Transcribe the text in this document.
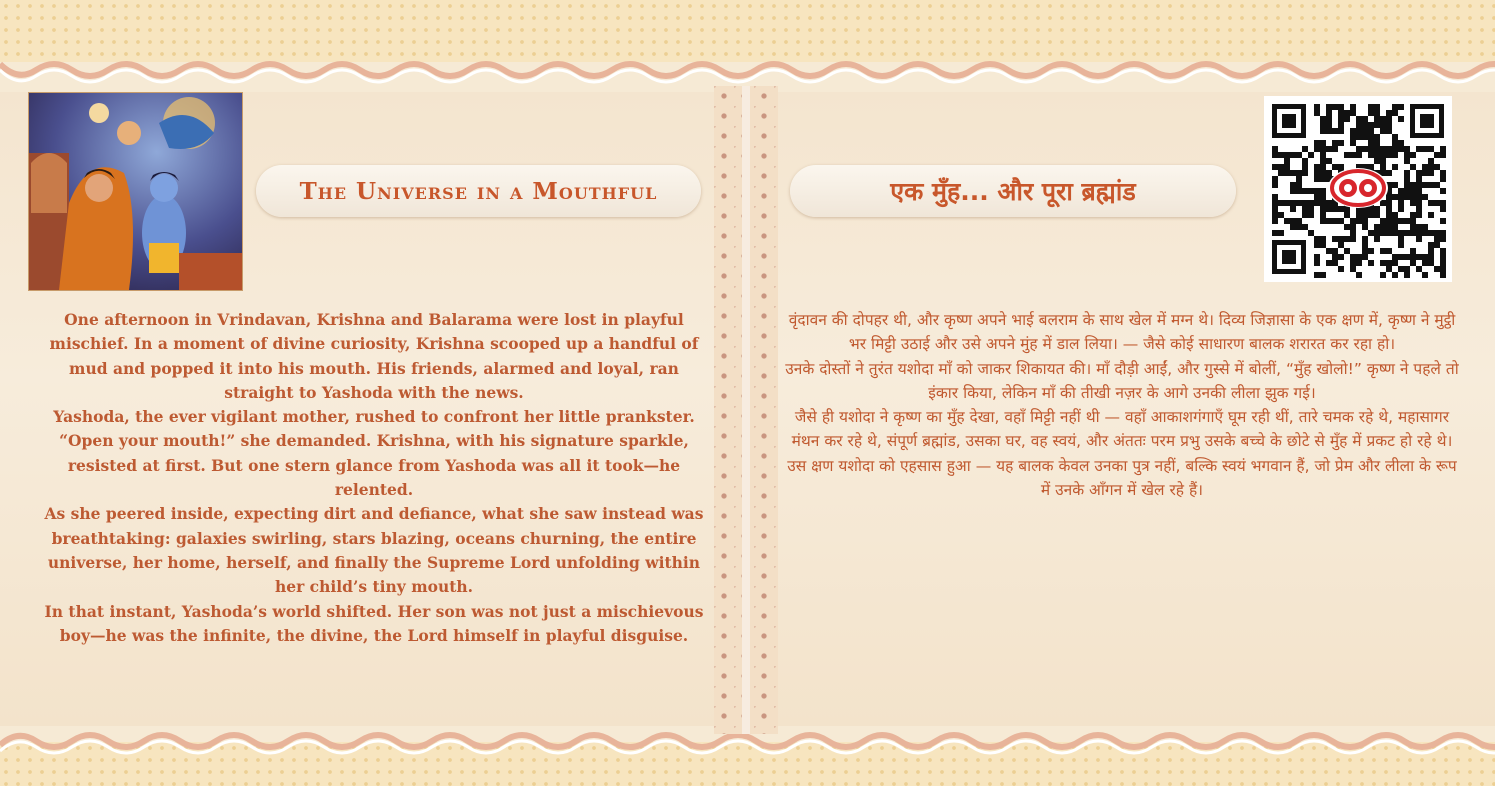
The Universe in a Mouthful	एक मुँह... और पूरा ब्रह्मांड
One afternoon in Vrindavan, Krishna and Balarama were lost in playful mischief. In a moment of divine curiosity, Krishna scooped up a handful of mud and popped it into his mouth. His friends, alarmed and loyal, ran straight to Yashoda with the news.
Yashoda, the ever vigilant mother, rushed to confront her little prankster. “Open your mouth!” she demanded. Krishna, with his signature sparkle, resisted at first. But one stern glance from Yashoda was all it took—he relented.
As she peered inside, expecting dirt and defiance, what she saw instead was breathtaking: galaxies swirling, stars blazing, oceans churning, the entire universe, her home, herself, and finally the Supreme Lord unfolding within her child’s tiny mouth.
In that instant, Yashoda’s world shifted. Her son was not just a mischievous boy—he was the infinite, the divine, the Lord himself in playful disguise.
वृंदावन की दोपहर थी, और कृष्ण अपने भाई बलराम के साथ खेल में मग्न थे। दिव्य जिज्ञासा के एक क्षण में, कृष्ण ने मुट्ठी भर मिट्टी उठाई और उसे अपने मुंह में डाल लिया। — जैसे कोई साधारण बालक शरारत कर रहा हो।
उनके दोस्तों ने तुरंत यशोदा माँ को जाकर शिकायत की। माँ दौड़ी आईं, और गुस्से में बोलीं, “मुँह खोलो!” कृष्ण ने पहले तो इंकार किया, लेकिन माँ की तीखी नज़र के आगे उनकी लीला झुक गई।
जैसे ही यशोदा ने कृष्ण का मुँह देखा, वहाँ मिट्टी नहीं थी — वहाँ आकाशगंगाएँ घूम रही थीं, तारे चमक रहे थे, महासागर मंथन कर रहे थे, संपूर्ण ब्रह्मांड, उसका घर, वह स्वयं, और अंततः परम प्रभु उसके बच्चे के छोटे से मुँह में प्रकट हो रहे थे।
उस क्षण यशोदा को एहसास हुआ — यह बालक केवल उनका पुत्र नहीं, बल्कि स्वयं भगवान हैं, जो प्रेम और लीला के रूप में उनके आँगन में खेल रहे हैं।
